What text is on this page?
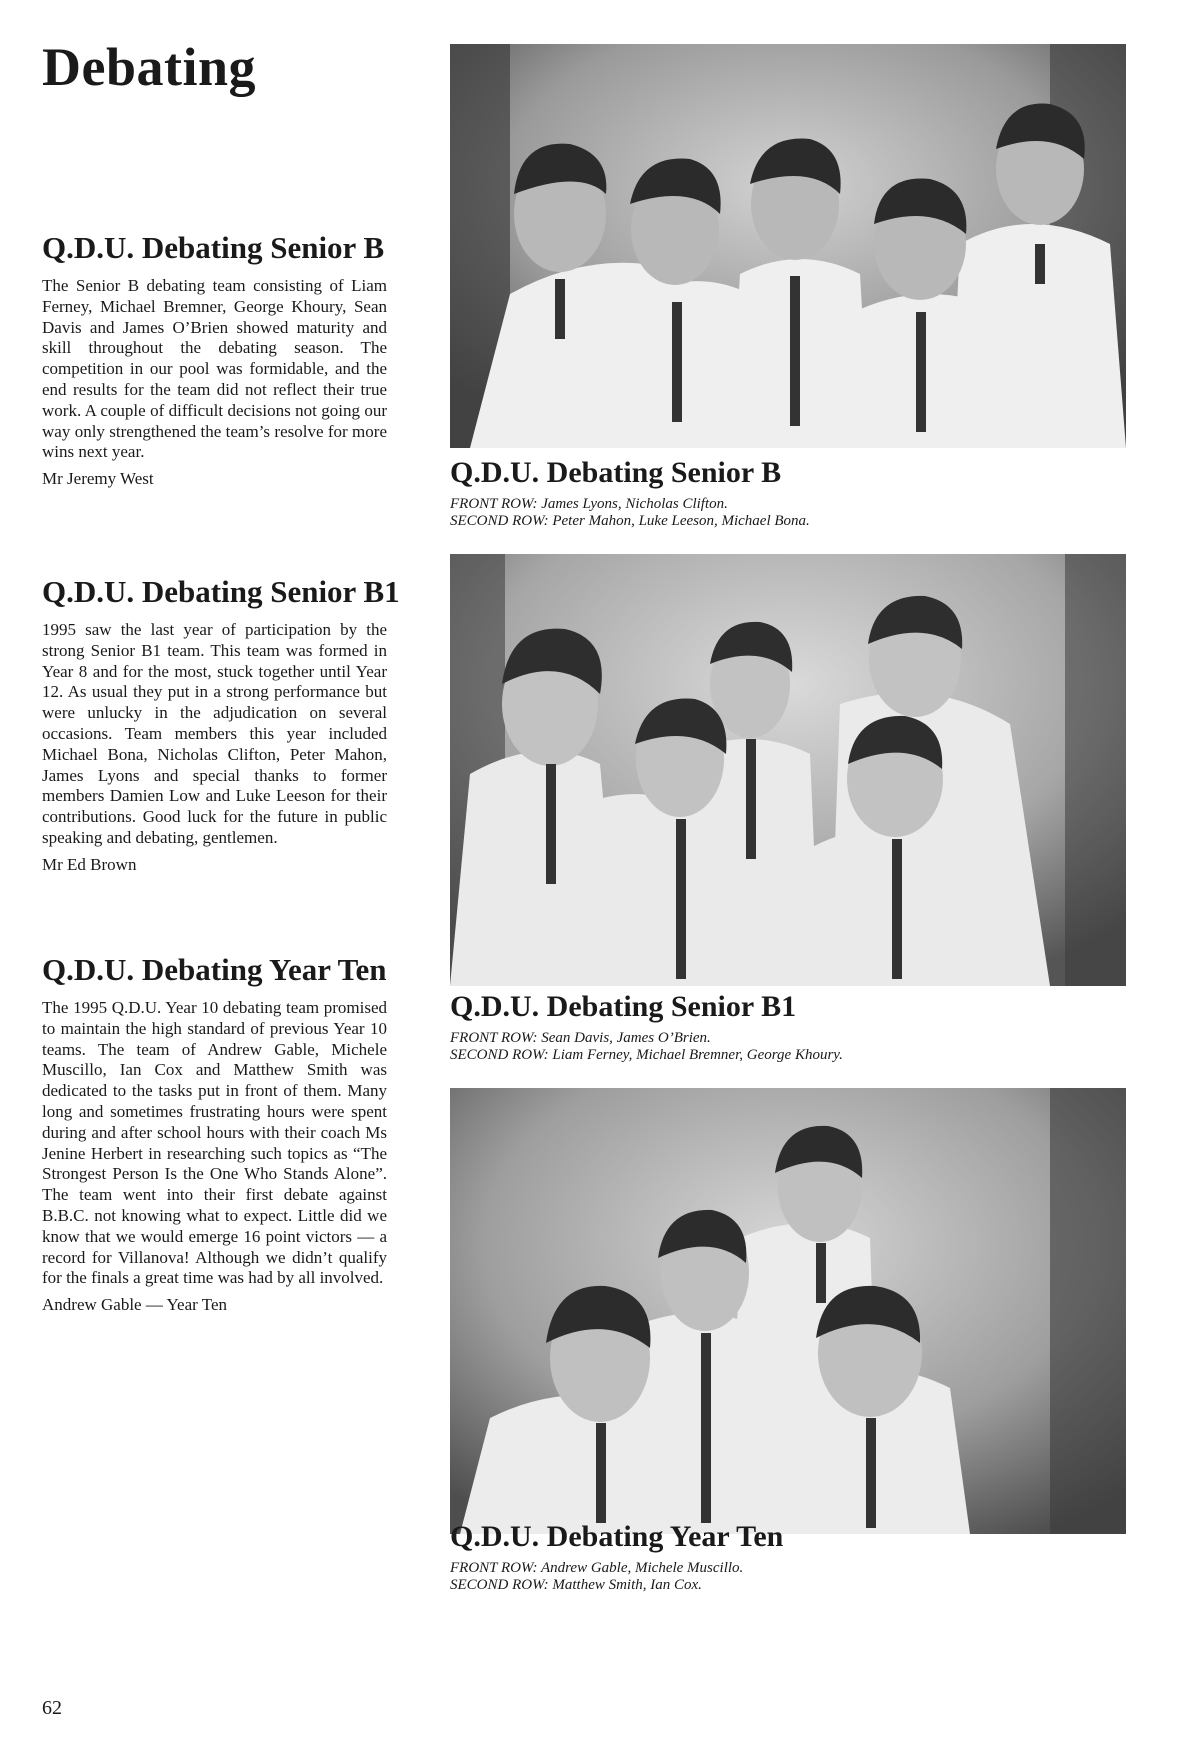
Debating
Q.D.U. Debating Senior B

The Senior B debating team consisting of Liam Ferney, Michael Bremner, George Khoury, Sean Davis and James O’Brien showed maturity and skill throughout the debating season. The competition in our pool was formidable, and the end results for the team did not reflect their true work. A couple of difficult decisions not going our way only strengthened the team’s resolve for more wins next year.

Mr Jeremy West
Q.D.U. Debating Senior B1

1995 saw the last year of participation by the strong Senior B1 team. This team was formed in Year 8 and for the most, stuck together until Year 12. As usual they put in a strong performance but were unlucky in the adjudication on several occasions. Team members this year included Michael Bona, Nicholas Clifton, Peter Mahon, James Lyons and special thanks to former members Damien Low and Luke Leeson for their contributions. Good luck for the future in public speaking and debating, gentlemen.

Mr Ed Brown
Q.D.U. Debating Year Ten

The 1995 Q.D.U. Year 10 debating team promised to maintain the high standard of previous Year 10 teams. The team of Andrew Gable, Michele Muscillo, Ian Cox and Matthew Smith was dedicated to the tasks put in front of them. Many long and sometimes frustrating hours were spent during and after school hours with their coach Ms Jenine Herbert in researching such topics as “The Strongest Person Is the One Who Stands Alone”. The team went into their first debate against B.B.C. not knowing what to expect. Little did we know that we would emerge 16 point victors — a record for Villanova! Although we didn’t qualify for the finals a great time was had by all involved.

Andrew Gable — Year Ten
Q.D.U. Debating Senior B
FRONT ROW: James Lyons, Nicholas Clifton.
SECOND ROW: Peter Mahon, Luke Leeson, Michael Bona.
Q.D.U. Debating Senior B1
FRONT ROW: Sean Davis, James O’Brien.
SECOND ROW: Liam Ferney, Michael Bremner, George Khoury.
Q.D.U. Debating Year Ten
FRONT ROW: Andrew Gable, Michele Muscillo.
SECOND ROW: Matthew Smith, Ian Cox.
62
